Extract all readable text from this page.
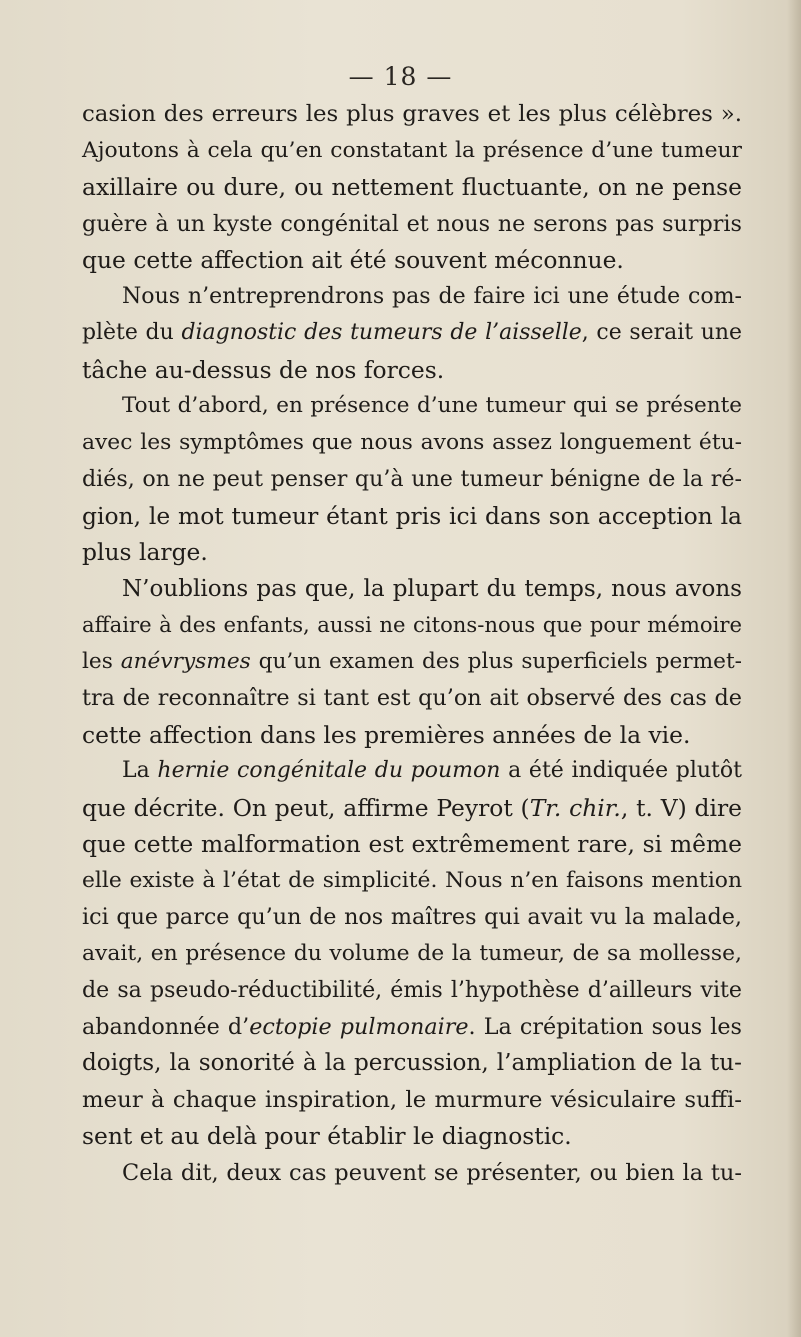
— 18 —
casion des erreurs les plus graves et les plus célèbres ».
Ajoutons à cela qu’en constatant la présence d’une tumeur
axillaire ou dure, ou nettement fluctuante, on ne pense
guère à un kyste congénital et nous ne serons pas surpris
que cette affection ait été souvent méconnue.
Nous n’entreprendrons pas de faire ici une étude com-
plète du diagnostic des tumeurs de l’aisselle, ce serait une
tâche au-dessus de nos forces.
Tout d’abord, en présence d’une tumeur qui se présente
avec les symptômes que nous avons assez longuement étu-
diés, on ne peut penser qu’à une tumeur bénigne de la ré-
gion, le mot tumeur étant pris ici dans son acception la
plus large.
N’oublions pas que, la plupart du temps, nous avons
affaire à des enfants, aussi ne citons-nous que pour mémoire
les anévrysmes qu’un examen des plus superficiels permet-
tra de reconnaître si tant est qu’on ait observé des cas de
cette affection dans les premières années de la vie.
La hernie congénitale du poumon a été indiquée plutôt
que décrite. On peut, affirme Peyrot (Tr. chir., t. V) dire
que cette malformation est extrêmement rare, si même
elle existe à l’état de simplicité. Nous n’en faisons mention
ici que parce qu’un de nos maîtres qui avait vu la malade,
avait, en présence du volume de la tumeur, de sa mollesse,
de sa pseudo-réductibilité, émis l’hypothèse d’ailleurs vite
abandonnée d’ectopie pulmonaire. La crépitation sous les
doigts, la sonorité à la percussion, l’ampliation de la tu-
meur à chaque inspiration, le murmure vésiculaire suffi-
sent et au delà pour établir le diagnostic.
Cela dit, deux cas peuvent se présenter, ou bien la tu-
